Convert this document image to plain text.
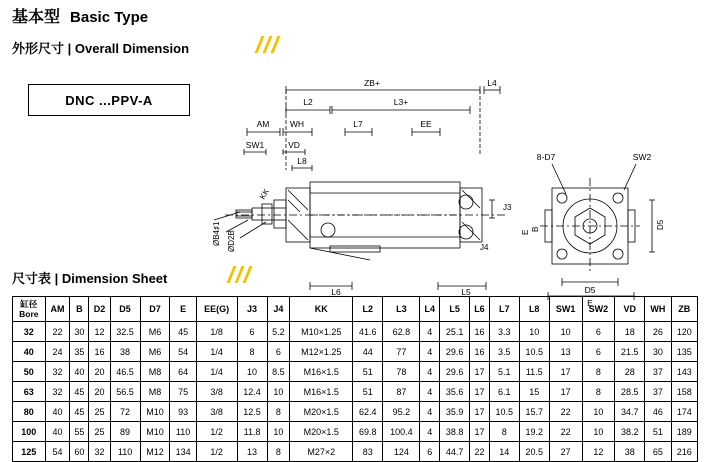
基本型 Basic Type
外形尺寸 | Overall Dimension
DNC ...PPV-A
ZB+	L4
L2	L3+
AM WH	L7	EE
SW1	VD
L8
L6	L5
J3
J4
KK
ØB4♯1 ØD2B
8-D7	SW2
D5
E
D5
B
E
尺寸表 | Dimension Sheet
缸径
Bore	AM	B	D2	D5	D7	E	EE(G)	J3	J4	KK	L2	L3	L4	L5	L6	L7	L8	SW1	SW2	VD	WH	ZB
32	22	30	12	32.5	M6	45	1/8	6	5.2	M10×1.25	41.6	62.8	4	25.1	16	3.3	10	10	6	18	26	120
40	24	35	16	38	M6	54	1/4	8	6	M12×1.25	44	77	4	29.6	16	3.5	10.5	13	6	21.5	30	135
50	32	40	20	46.5	M8	64	1/4	10	8.5	M16×1.5	51	78	4	29.6	17	5.1	11.5	17	8	28	37	143
63	32	45	20	56.5	M8	75	3/8	12.4	10	M16×1.5	51	87	4	35.6	17	6.1	15	17	8	28.5	37	158
80	40	45	25	72	M10	93	3/8	12.5	8	M20×1.5	62.4	95.2	4	35.9	17	10.5	15.7	22	10	34.7	46	174
100	40	55	25	89	M10	110	1/2	11.8	10	M20×1.5	69.8	100.4	4	38.8	17	8	19.2	22	10	38.2	51	189
125	54	60	32	110	M12	134	1/2	13	8	M27×2	83	124	6	44.7	22	14	20.5	27	12	38	65	216
